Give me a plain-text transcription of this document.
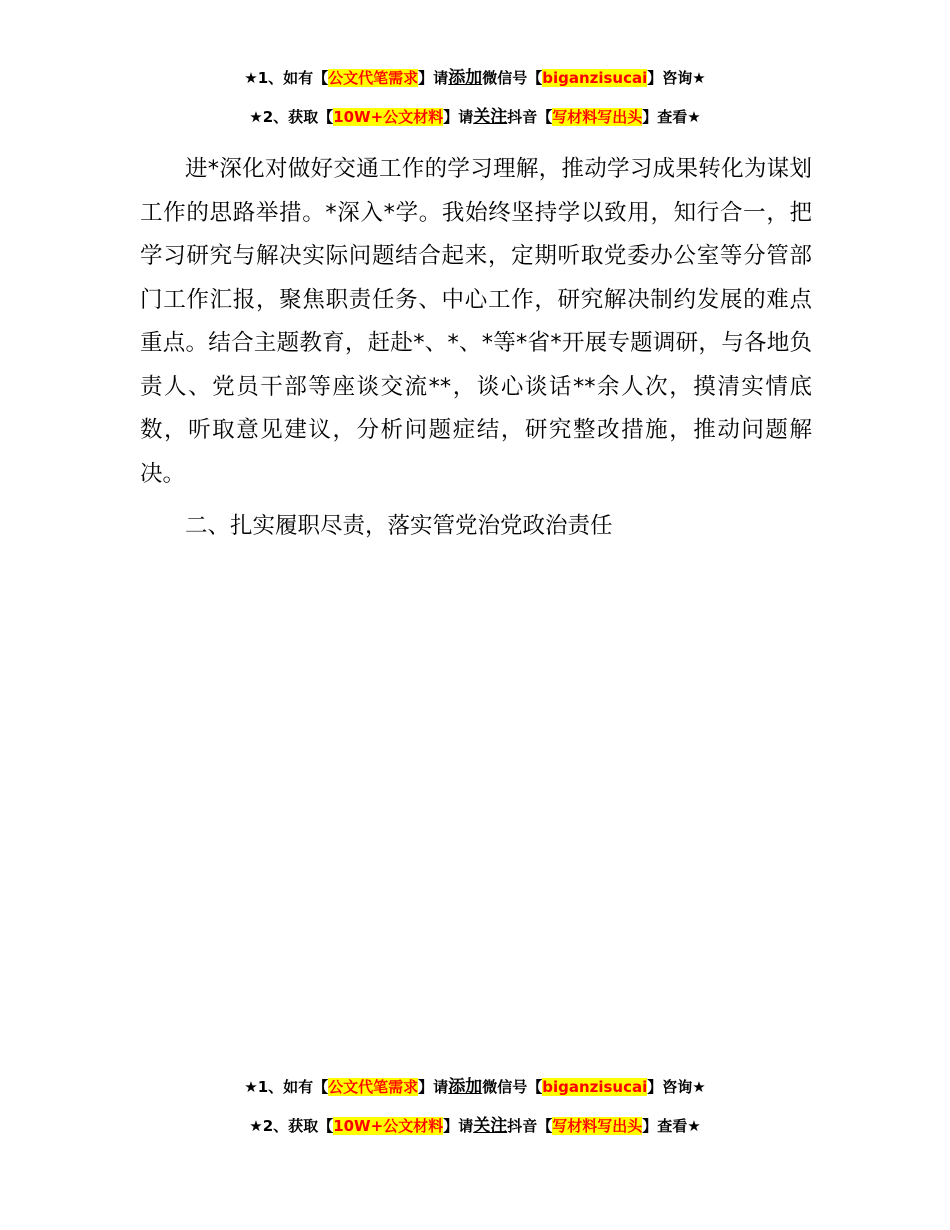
★1、如有【公文代笔需求】请添加微信号【biganzisucai】咨询★
★2、获取【10W+公文材料】请关注抖音【写材料写出头】查看★

进*深化对做好交通工作的学习理解，推动学习成果转化为谋划工作的思路举措。*深入*学。我始终坚持学以致用，知行合一，把学习研究与解决实际问题结合起来，定期听取党委办公室等分管部门工作汇报，聚焦职责任务、中心工作，研究解决制约发展的难点重点。结合主题教育，赶赴*、*、*等*省*开展专题调研，与各地负责人、党员干部等座谈交流**，谈心谈话**余人次，摸清实情底数，听取意见建议，分析问题症结，研究整改措施，推动问题解决。

二、扎实履职尽责，落实管党治党政治责任

★1、如有【公文代笔需求】请添加微信号【biganzisucai】咨询★
★2、获取【10W+公文材料】请关注抖音【写材料写出头】查看★
